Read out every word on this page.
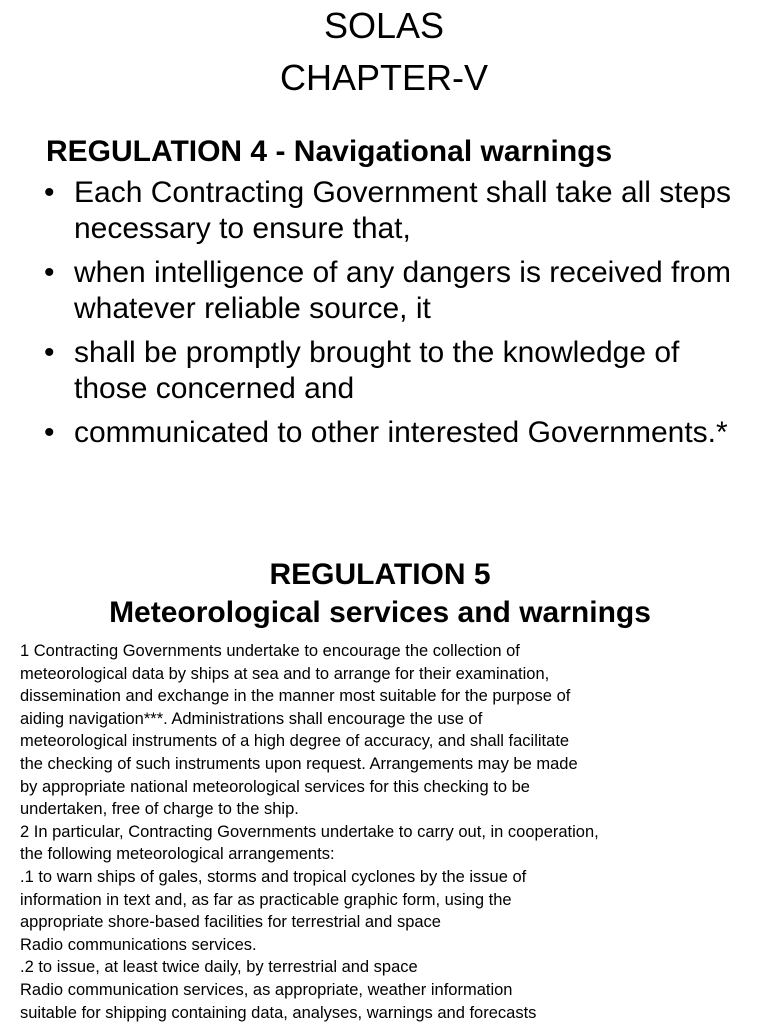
SOLAS
CHAPTER-V
REGULATION 4 - Navigational warnings
• Each Contracting Government shall take all steps necessary to ensure that,
• when intelligence of any dangers is received from whatever reliable source, it
• shall be promptly brought to the knowledge of those concerned and
• communicated to other interested Governments.*
REGULATION 5
Meteorological services and warnings
1 Contracting Governments undertake to encourage the collection of
meteorological data by ships at sea and to arrange for their examination,
dissemination and exchange in the manner most suitable for the purpose of
aiding navigation***. Administrations shall encourage the use of
meteorological instruments of a high degree of accuracy, and shall facilitate
the checking of such instruments upon request. Arrangements may be made
by appropriate national meteorological services for this checking to be
undertaken, free of charge to the ship.
2 In particular, Contracting Governments undertake to carry out, in cooperation,
the following meteorological arrangements:
.1 to warn ships of gales, storms and tropical cyclones by the issue of
information in text and, as far as practicable graphic form, using the
appropriate shore-based facilities for terrestrial and space
Radio communications services.
.2 to issue, at least twice daily, by terrestrial and space
Radio communication services, as appropriate, weather information
suitable for shipping containing data, analyses, warnings and forecasts
